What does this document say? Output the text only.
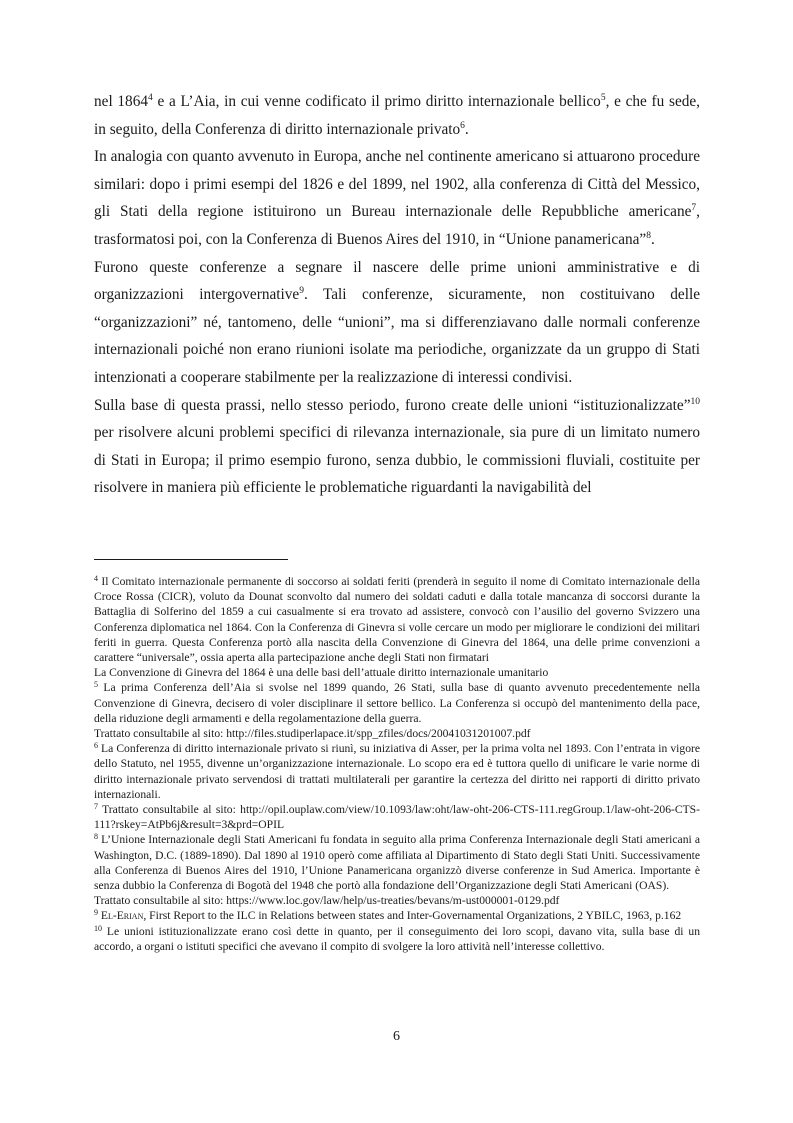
nel 1864$^4$ e a L’Aia, in cui venne codificato il primo diritto internazionale bellico$^5$, e che fu sede, in seguito, della Conferenza di diritto internazionale privato$^6$.

In analogia con quanto avvenuto in Europa, anche nel continente americano si attuarono procedure similari: dopo i primi esempi del 1826 e del 1899, nel 1902, alla conferenza di Città del Messico, gli Stati della regione istituirono un Bureau internazionale delle Repubbliche americane$^7$, trasformatosi poi, con la Conferenza di Buenos Aires del 1910, in “Unione panamericana”$^8$.

Furono queste conferenze a segnare il nascere delle prime unioni amministrative e di organizzazioni intergovernative$^9$. Tali conferenze, sicuramente, non costituivano delle “organizzazioni” né, tantomeno, delle “unioni”, ma si differenziavano dalle normali conferenze internazionali poiché non erano riunioni isolate ma periodiche, organizzate da un gruppo di Stati intenzionati a cooperare stabilmente per la realizzazione di interessi condivisi.

Sulla base di questa prassi, nello stesso periodo, furono create delle unioni “istituzionalizzate”$^{10}$ per risolvere alcuni problemi specifici di rilevanza internazionale, sia pure di un limitato numero di Stati in Europa; il primo esempio furono, senza dubbio, le commissioni fluviali, costituite per risolvere in maniera più efficiente le problematiche riguardanti la navigabilità del

$^4$ Il Comitato internazionale permanente di soccorso ai soldati feriti (prenderà in seguito il nome di Comitato internazionale della Croce Rossa (CICR), voluto da Dounat sconvolto dal numero dei soldati caduti e dalla totale mancanza di soccorsi durante la Battaglia di Solferino del 1859 a cui casualmente si era trovato ad assistere, convocò con l’ausilio del governo Svizzero una Conferenza diplomatica nel 1864. Con la Conferenza di Ginevra si volle cercare un modo per migliorare le condizioni dei militari feriti in guerra. Questa Conferenza portò alla nascita della Convenzione di Ginevra del 1864, una delle prime convenzioni a carattere “universale”, ossia aperta alla partecipazione anche degli Stati non firmatari

La Convenzione di Ginevra del 1864 è una delle basi dell’attuale diritto internazionale umanitario

$^5$ La prima Conferenza dell’Aia si svolse nel 1899 quando, 26 Stati, sulla base di quanto avvenuto precedentemente nella Convenzione di Ginevra, decisero di voler disciplinare il settore bellico. La Conferenza si occupò del mantenimento della pace, della riduzione degli armamenti e della regolamentazione della guerra.

Trattato consultabile al sito: http://files.studiperlapace.it/spp_zfiles/docs/20041031201007.pdf

$^6$ La Conferenza di diritto internazionale privato si riunì, su iniziativa di Asser, per la prima volta nel 1893. Con l’entrata in vigore dello Statuto, nel 1955, divenne un’organizzazione internazionale. Lo scopo era ed è tuttora quello di unificare le varie norme di diritto internazionale privato servendosi di trattati multilaterali per garantire la certezza del diritto nei rapporti di diritto privato internazionali.

$^7$ Trattato consultabile al sito: http://opil.ouplaw.com/view/10.1093/law:oht/law-oht-206-CTS-111.regGroup.1/law-oht-206-CTS-111?rskey=AtPb6j&result=3&prd=OPIL

$^8$ L’Unione Internazionale degli Stati Americani fu fondata in seguito alla prima Conferenza Internazionale degli Stati americani a Washington, D.C. (1889-1890). Dal 1890 al 1910 operò come affiliata al Dipartimento di Stato degli Stati Uniti. Successivamente alla Conferenza di Buenos Aires del 1910, l’Unione Panamericana organizzò diverse conferenze in Sud America. Importante è senza dubbio la Conferenza di Bogotà del 1948 che portò alla fondazione dell’Organizzazione degli Stati Americani (OAS).

Trattato consultabile al sito: https://www.loc.gov/law/help/us-treaties/bevans/m-ust000001-0129.pdf

$^9$ El-Erian, First Report to the ILC in Relations between states and Inter-Governamental Organizations, 2 YBILC, 1963, p.162

$^{10}$ Le unioni istituzionalizzate erano così dette in quanto, per il conseguimento dei loro scopi, davano vita, sulla base di un accordo, a organi o istituti specifici che avevano il compito di svolgere la loro attività nell’interesse collettivo.

6
